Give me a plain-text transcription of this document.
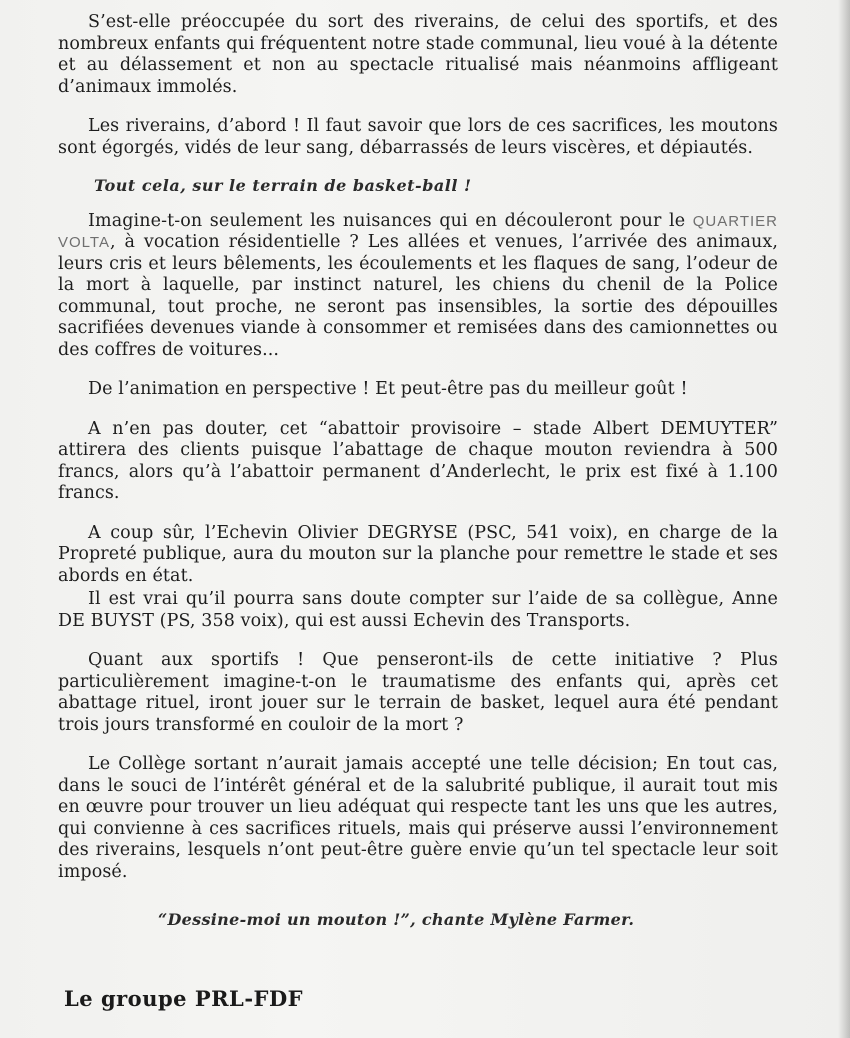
S’est-elle préoccupée du sort des riverains, de celui des sportifs, et des nombreux enfants qui fréquentent notre stade communal, lieu voué à la détente et au délassement et non au spectacle ritualisé mais néanmoins affligeant d’animaux immolés.

Les riverains, d’abord ! Il faut savoir que lors de ces sacrifices, les moutons sont égorgés, vidés de leur sang, débarrassés de leurs viscères, et dépiautés.

Tout cela, sur le terrain de basket-ball !

Imagine-t-on seulement les nuisances qui en découleront pour le QUARTIER VOLTA, à vocation résidentielle ? Les allées et venues, l’arrivée des animaux, leurs cris et leurs bêlements, les écoulements et les flaques de sang, l’odeur de la mort à laquelle, par instinct naturel, les chiens du chenil de la Police communal, tout proche, ne seront pas insensibles, la sortie des dépouilles sacrifiées devenues viande à consommer et remisées dans des camionnettes ou des coffres de voitures...

De l’animation en perspective ! Et peut-être pas du meilleur goût !

A n’en pas douter, cet “abattoir provisoire – stade Albert DEMUYTER” attirera des clients puisque l’abattage de chaque mouton reviendra à 500 francs, alors qu’à l’abattoir permanent d’Anderlecht, le prix est fixé à 1.100 francs.

A coup sûr, l’Echevin Olivier DEGRYSE (PSC, 541 voix), en charge de la Propreté publique, aura du mouton sur la planche pour remettre le stade et ses abords en état.

Il est vrai qu’il pourra sans doute compter sur l’aide de sa collègue, Anne DE BUYST (PS, 358 voix), qui est aussi Echevin des Transports.

Quant aux sportifs ! Que penseront-ils de cette initiative ? Plus particulièrement imagine-t-on le traumatisme des enfants qui, après cet abattage rituel, iront jouer sur le terrain de basket, lequel aura été pendant trois jours transformé en couloir de la mort ?

Le Collège sortant n’aurait jamais accepté une telle décision; En tout cas, dans le souci de l’intérêt général et de la salubrité publique, il aurait tout mis en œuvre pour trouver un lieu adéquat qui respecte tant les uns que les autres, qui convienne à ces sacrifices rituels, mais qui préserve aussi l’environnement des riverains, lesquels n’ont peut-être guère envie qu’un tel spectacle leur soit imposé.

“Dessine-moi un mouton !”, chante Mylène Farmer.

Le groupe PRL-FDF
